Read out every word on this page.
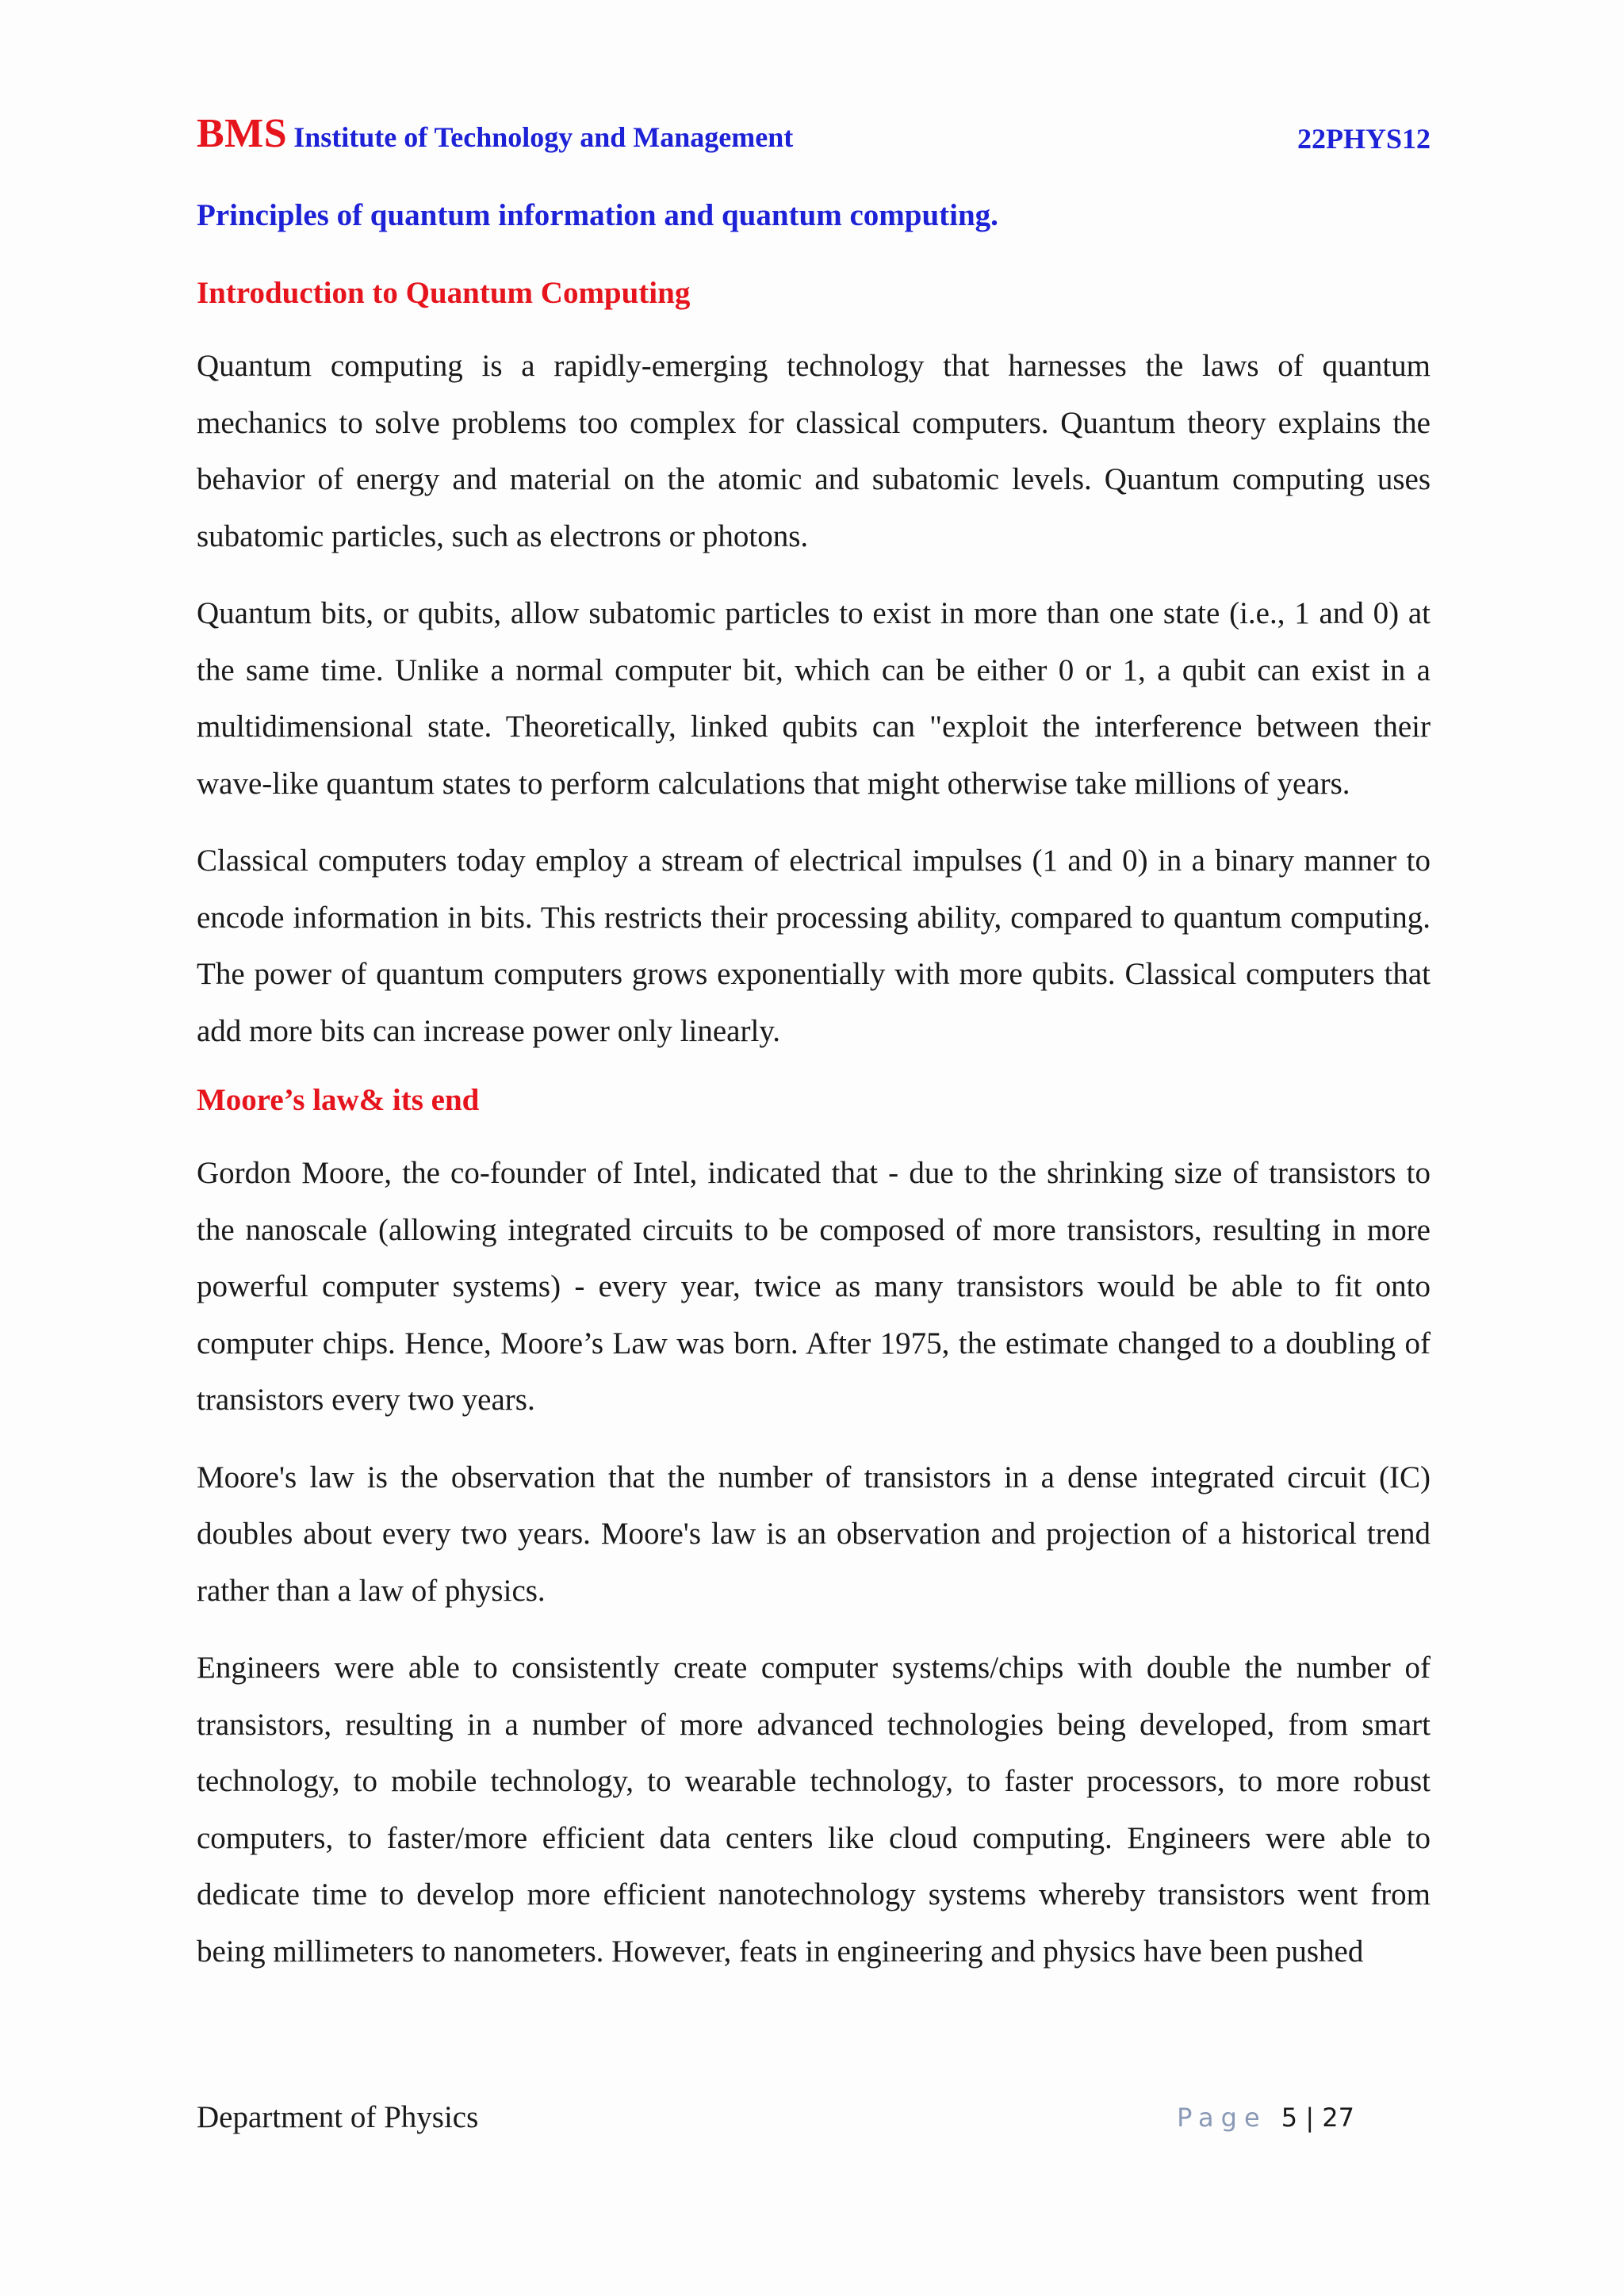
BMS Institute of Technology and Management	22PHYS12
Principles of quantum information and quantum computing.
Introduction to Quantum Computing

Quantum computing is a rapidly-emerging technology that harnesses the laws of quantum mechanics to solve problems too complex for classical computers. Quantum theory explains the behavior of energy and material on the atomic and subatomic levels. Quantum computing uses subatomic particles, such as electrons or photons.

Quantum bits, or qubits, allow subatomic particles to exist in more than one state (i.e., 1 and 0) at the same time. Unlike a normal computer bit, which can be either 0 or 1, a qubit can exist in a multidimensional state. Theoretically, linked qubits can "exploit the interference between their wave-like quantum states to perform calculations that might otherwise take millions of years.

Classical computers today employ a stream of electrical impulses (1 and 0) in a binary manner to encode information in bits. This restricts their processing ability, compared to quantum computing. The power of quantum computers grows exponentially with more qubits. Classical computers that add more bits can increase power only linearly.

Moore’s law& its end

Gordon Moore, the co-founder of Intel, indicated that - due to the shrinking size of transistors to the nanoscale (allowing integrated circuits to be composed of more transistors, resulting in more powerful computer systems) - every year, twice as many transistors would be able to fit onto computer chips. Hence, Moore’s Law was born. After 1975, the estimate changed to a doubling of transistors every two years.

Moore's law is the observation that the number of transistors in a dense integrated circuit (IC) doubles about every two years. Moore's law is an observation and projection of a historical trend rather than a law of physics.

Engineers were able to consistently create computer systems/chips with double the number of transistors, resulting in a number of more advanced technologies being developed, from smart technology, to mobile technology, to wearable technology, to faster processors, to more robust computers, to faster/more efficient data centers like cloud computing. Engineers were able to dedicate time to develop more efficient nanotechnology systems whereby transistors went from being millimeters to nanometers. However, feats in engineering and physics have been pushed

Department of Physics	Page 5 | 27
